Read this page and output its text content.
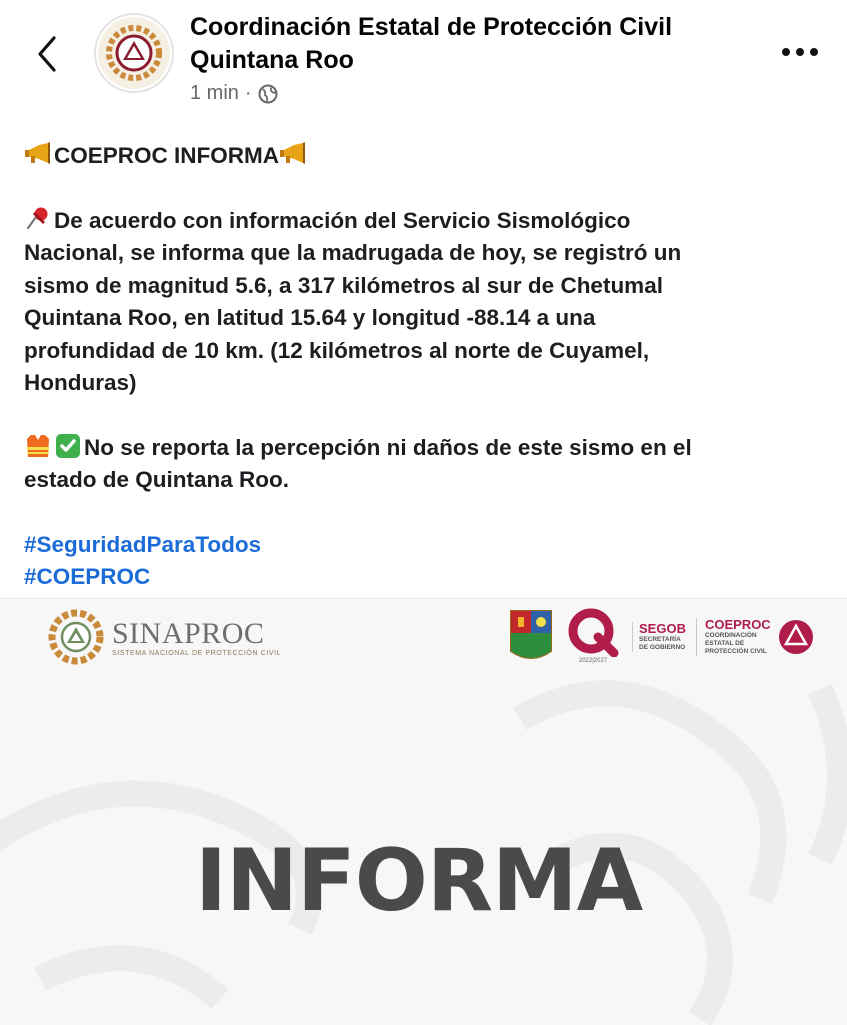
Coordinación Estatal de Protección Civil
Quintana Roo
1 min ·

COEPROC INFORMA

De acuerdo con información del Servicio Sismológico
Nacional, se informa que la madrugada de hoy, se registró un
sismo de magnitud 5.6, a 317 kilómetros al sur de Chetumal
Quintana Roo, en latitud 15.64 y longitud -88.14 a una
profundidad de 10 km. (12 kilómetros al norte de Cuyamel,
Honduras)

No se reporta la percepción ni daños de este sismo en el
estado de Quintana Roo.

#SeguridadParaTodos
#COEPROC

SINAPROC
SISTEMA NACIONAL DE PROTECCIÓN CIVIL
2022|2027
SEGOB
SECRETARÍA
DE GOBIERNO
COEPROC
COORDINACIÓN
ESTATAL DE
PROTECCIÓN CIVIL
INFORMA
